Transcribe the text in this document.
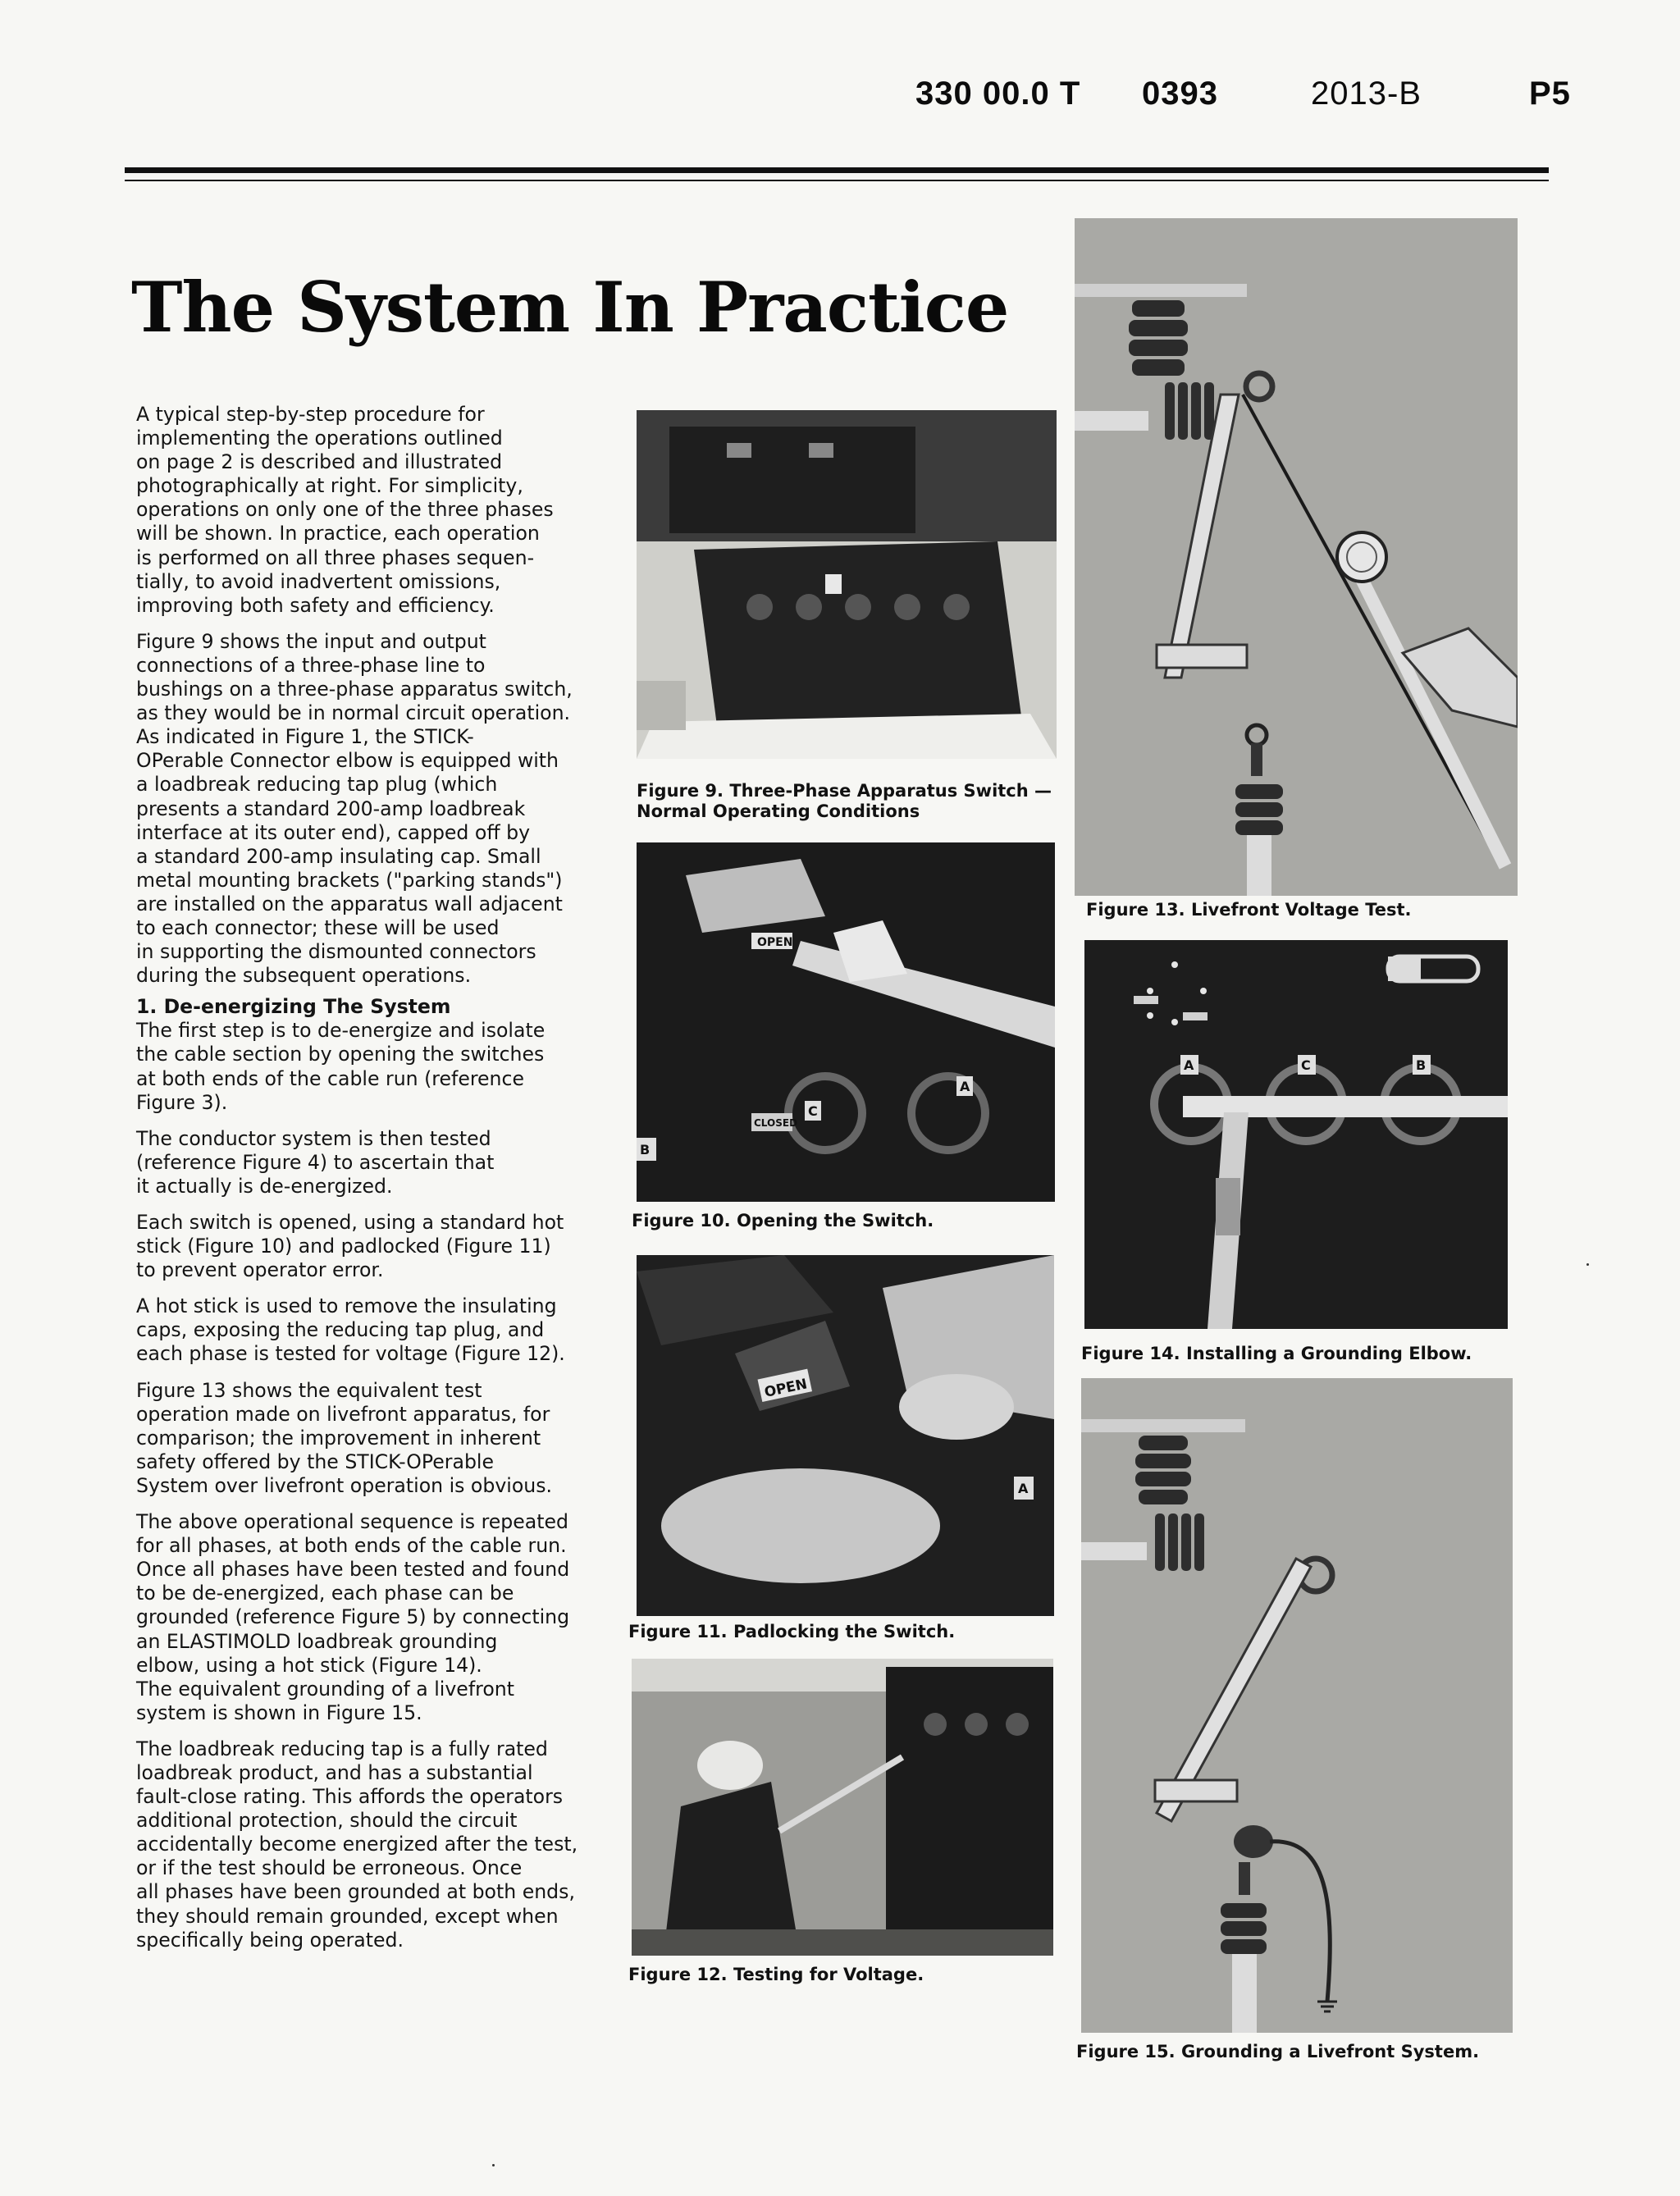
330 00.0 T 0393	2013-B	P5
The System In Practice

A typical step-by-step procedure for
implementing the operations outlined
on page 2 is described and illustrated
photographically at right. For simplicity,
operations on only one of the three phases
will be shown. In practice, each operation
is performed on all three phases sequen-
tially, to avoid inadvertent omissions,
improving both safety and efficiency.

Figure 9 shows the input and output
connections of a three-phase line to
bushings on a three-phase apparatus switch,
as they would be in normal circuit operation.
As indicated in Figure 1, the STICK-
OPerable Connector elbow is equipped with
a loadbreak reducing tap plug (which
presents a standard 200-amp loadbreak
interface at its outer end), capped off by
a standard 200-amp insulating cap. Small
metal mounting brackets ("parking stands")
are installed on the apparatus wall adjacent
to each connector; these will be used
in supporting the dismounted connectors
during the subsequent operations.

1. De-energizing The System

The first step is to de-energize and isolate
the cable section by opening the switches
at both ends of the cable run (reference
Figure 3).

The conductor system is then tested
(reference Figure 4) to ascertain that
it actually is de-energized.

Each switch is opened, using a standard hot
stick (Figure 10) and padlocked (Figure 11)
to prevent operator error.

A hot stick is used to remove the insulating
caps, exposing the reducing tap plug, and
each phase is tested for voltage (Figure 12).

Figure 13 shows the equivalent test
operation made on livefront apparatus, for
comparison; the improvement in inherent
safety offered by the STICK-OPerable
System over livefront operation is obvious.

The above operational sequence is repeated
for all phases, at both ends of the cable run.
Once all phases have been tested and found
to be de-energized, each phase can be
grounded (reference Figure 5) by connecting
an ELASTIMOLD loadbreak grounding
elbow, using a hot stick (Figure 14).
The equivalent grounding of a livefront
system is shown in Figure 15.

The loadbreak reducing tap is a fully rated
loadbreak product, and has a substantial
fault-close rating. This affords the operators
additional protection, should the circuit
accidentally become energized after the test,
or if the test should be erroneous. Once
all phases have been grounded at both ends,
they should remain grounded, except when
specifically being operated.

Figure 9. Three-Phase Apparatus Switch —
Normal Operating Conditions
OPEN
CLOSED
C
A
B
Figure 10. Opening the Switch.
OPEN
A
Figure 11. Padlocking the Switch.
Figure 12. Testing for Voltage.
Figure 13. Livefront Voltage Test.
A	C	B
Figure 14. Installing a Grounding Elbow.
Figure 15. Grounding a Livefront System.
